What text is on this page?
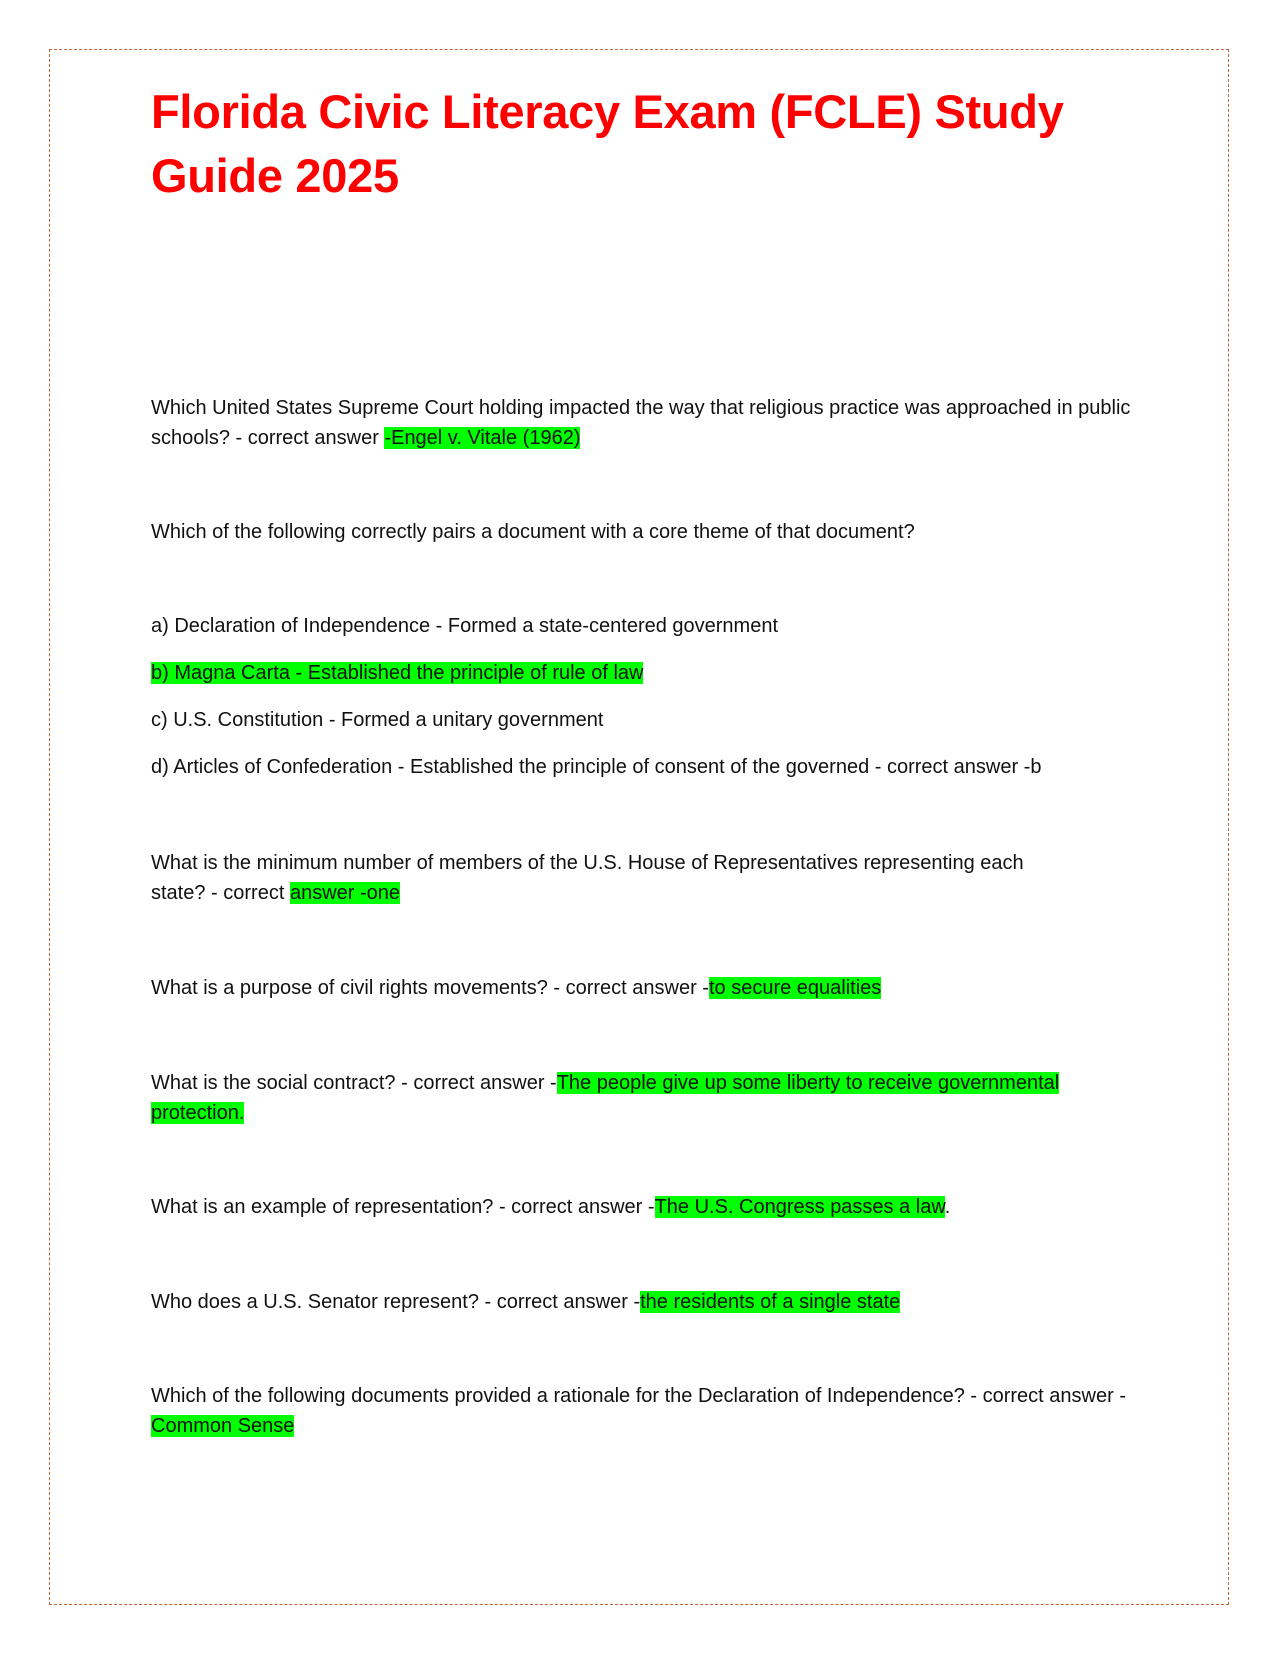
Florida Civic Literacy Exam (FCLE) Study Guide 2025

Which United States Supreme Court holding impacted the way that religious practice was approached in public schools? - correct answer -Engel v. Vitale (1962)

Which of the following correctly pairs a document with a core theme of that document?

a) Declaration of Independence - Formed a state-centered government

b) Magna Carta - Established the principle of rule of law

c) U.S. Constitution - Formed a unitary government

d) Articles of Confederation - Established the principle of consent of the governed - correct answer -b

What is the minimum number of members of the U.S. House of Representatives representing each state? - correct answer -one

What is a purpose of civil rights movements? - correct answer -to secure equalities

What is the social contract? - correct answer -The people give up some liberty to receive governmental protection.

What is an example of representation? - correct answer -The U.S. Congress passes a law.

Who does a U.S. Senator represent? - correct answer -the residents of a single state

Which of the following documents provided a rationale for the Declaration of Independence? - correct answer -Common Sense
